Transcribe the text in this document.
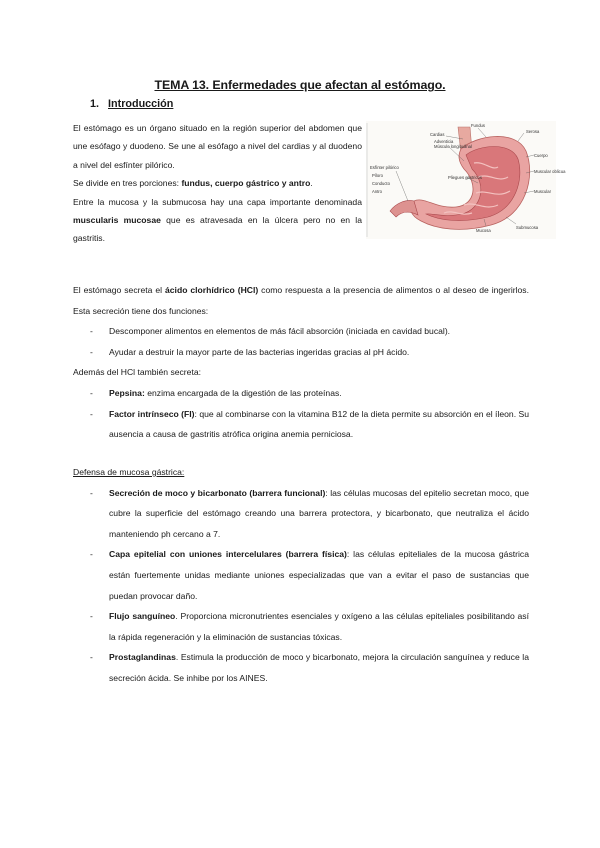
TEMA 13. Enfermedades que afectan al estómago.
1. Introducción

El estómago es un órgano situado en la región superior del abdomen que une esófago y duodeno. Se une al esófago a nivel del cardias y al duodeno a nivel del esfínter pilórico.

Se divide en tres porciones: fundus, cuerpo gástrico y antro.

Entre la mucosa y la submucosa hay una capa importante denominada muscularis mucosae que es atravesada en la úlcera pero no en la gastritis.

Cardias
Fundus
Serosa
Adventicia
Músculo longitudinal
Cuerpo
Muscular oblicua
Muscular
Esfínter pilórico
Píloro
Conducto
Antro
Pliegues gástricos
Mucosa
Submucosa

El estómago secreta el ácido clorhídrico (HCl) como respuesta a la presencia de alimentos o al deseo de ingerirlos. Esta secreción tiene dos funciones:

- Descomponer alimentos en elementos de más fácil absorción (iniciada en cavidad bucal).
- Ayudar a destruir la mayor parte de las bacterias ingeridas gracias al pH ácido.

Además del HCl también secreta:

- Pepsina: enzima encargada de la digestión de las proteínas.
- Factor intrínseco (FI): que al combinarse con la vitamina B12 de la dieta permite su absorción en el íleon. Su ausencia a causa de gastritis atrófica origina anemia perniciosa.

Defensa de mucosa gástrica:

- Secreción de moco y bicarbonato (barrera funcional): las células mucosas del epitelio secretan moco, que cubre la superficie del estómago creando una barrera protectora, y bicarbonato, que neutraliza el ácido manteniendo ph cercano a 7.
- Capa epitelial con uniones intercelulares (barrera física): las células epiteliales de la mucosa gástrica están fuertemente unidas mediante uniones especializadas que van a evitar el paso de sustancias que puedan provocar daño.
- Flujo sanguíneo. Proporciona micronutrientes esenciales y oxígeno a las células epiteliales posibilitando así la rápida regeneración y la eliminación de sustancias tóxicas.
- Prostaglandinas. Estimula la producción de moco y bicarbonato, mejora la circulación sanguínea y reduce la secreción ácida. Se inhibe por los AINES.
